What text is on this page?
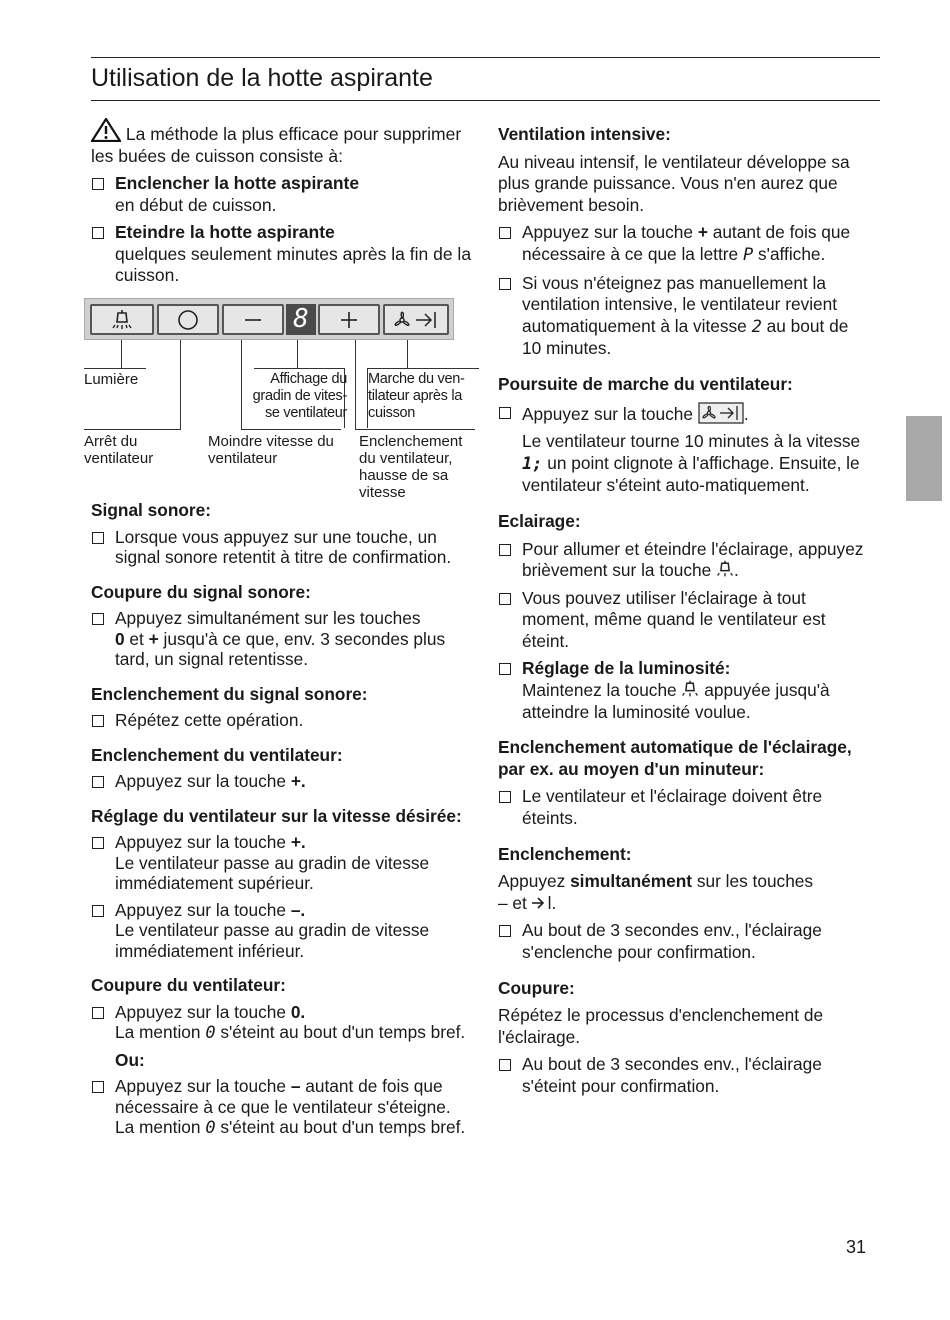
Utilisation de la hotte aspirante

La méthode la plus efficace pour supprimer les buées de cuisson consiste à:

Enclencher la hotte aspirante
en début de cuisson.
Eteindre la hotte aspirante
quelques seulement minutes après la fin de la cuisson.
8
Lumière	Affichage du gradin de vites- se ventilateur
Marche du ven- tilateur après la cuisson
Arrêt du ventilateur
Moindre vitesse du ventilateur
Enclenchement du ventilateur, hausse de sa vitesse

Signal sonore:

Lorsque vous appuyez sur une touche, un signal sonore retentit à titre de confirmation.

Coupure du signal sonore:

Appuyez simultanément sur les touches
0 et + jusqu'à ce que, env. 3 secondes plus tard, un signal retentisse.

Enclenchement du signal sonore:

Répétez cette opération.

Enclenchement du ventilateur:

Appuyez sur la touche +.

Réglage du ventilateur sur la vitesse désirée:

Appuyez sur la touche +.
Le ventilateur passe au gradin de vitesse immédiatement supérieur.
Appuyez sur la touche –.
Le ventilateur passe au gradin de vitesse immédiatement inférieur.

Coupure du ventilateur:

Appuyez sur la touche 0.
La mention 0 s'éteint au bout d'un temps bref.

Ou:

Appuyez sur la touche – autant de fois que nécessaire à ce que le ventilateur s'éteigne.
La mention 0 s'éteint au bout d'un temps bref.

Ventilation intensive:

Au niveau intensif, le ventilateur développe sa plus grande puissance. Vous n'en aurez que brièvement besoin.

Appuyez sur la touche + autant de fois que nécessaire à ce que la lettre P s'affiche.
Si vous n'éteignez pas manuellement la ventilation intensive, le ventilateur revient automatiquement à la vitesse 2 au bout de 10 minutes.

Poursuite de marche du ventilateur:

Appuyez sur la touche	.

Le ventilateur tourne 10 minutes à la vitesse 1; un point clignote à l'affichage. Ensuite, le ventilateur s'éteint auto-matiquement.

Eclairage:

Pour allumer et éteindre l'éclairage, appuyez brièvement sur la touche .
Vous pouvez utiliser l'éclairage à tout moment, même quand le ventilateur est éteint.
Réglage de la luminosité:
Maintenez la touche  appuyée jusqu'à atteindre la luminosité voulue.

Enclenchement automatique de l'éclairage, par ex. au moyen d'un minuteur:

Le ventilateur et l'éclairage doivent être éteints.

Enclenchement:

Appuyez simultanément sur les touches
– et l.

Au bout de 3 secondes env., l'éclairage s'enclenche pour confirmation.

Coupure:

Répétez le processus d'enclenchement de l'éclairage.

Au bout de 3 secondes env., l'éclairage s'éteint pour confirmation.
31
